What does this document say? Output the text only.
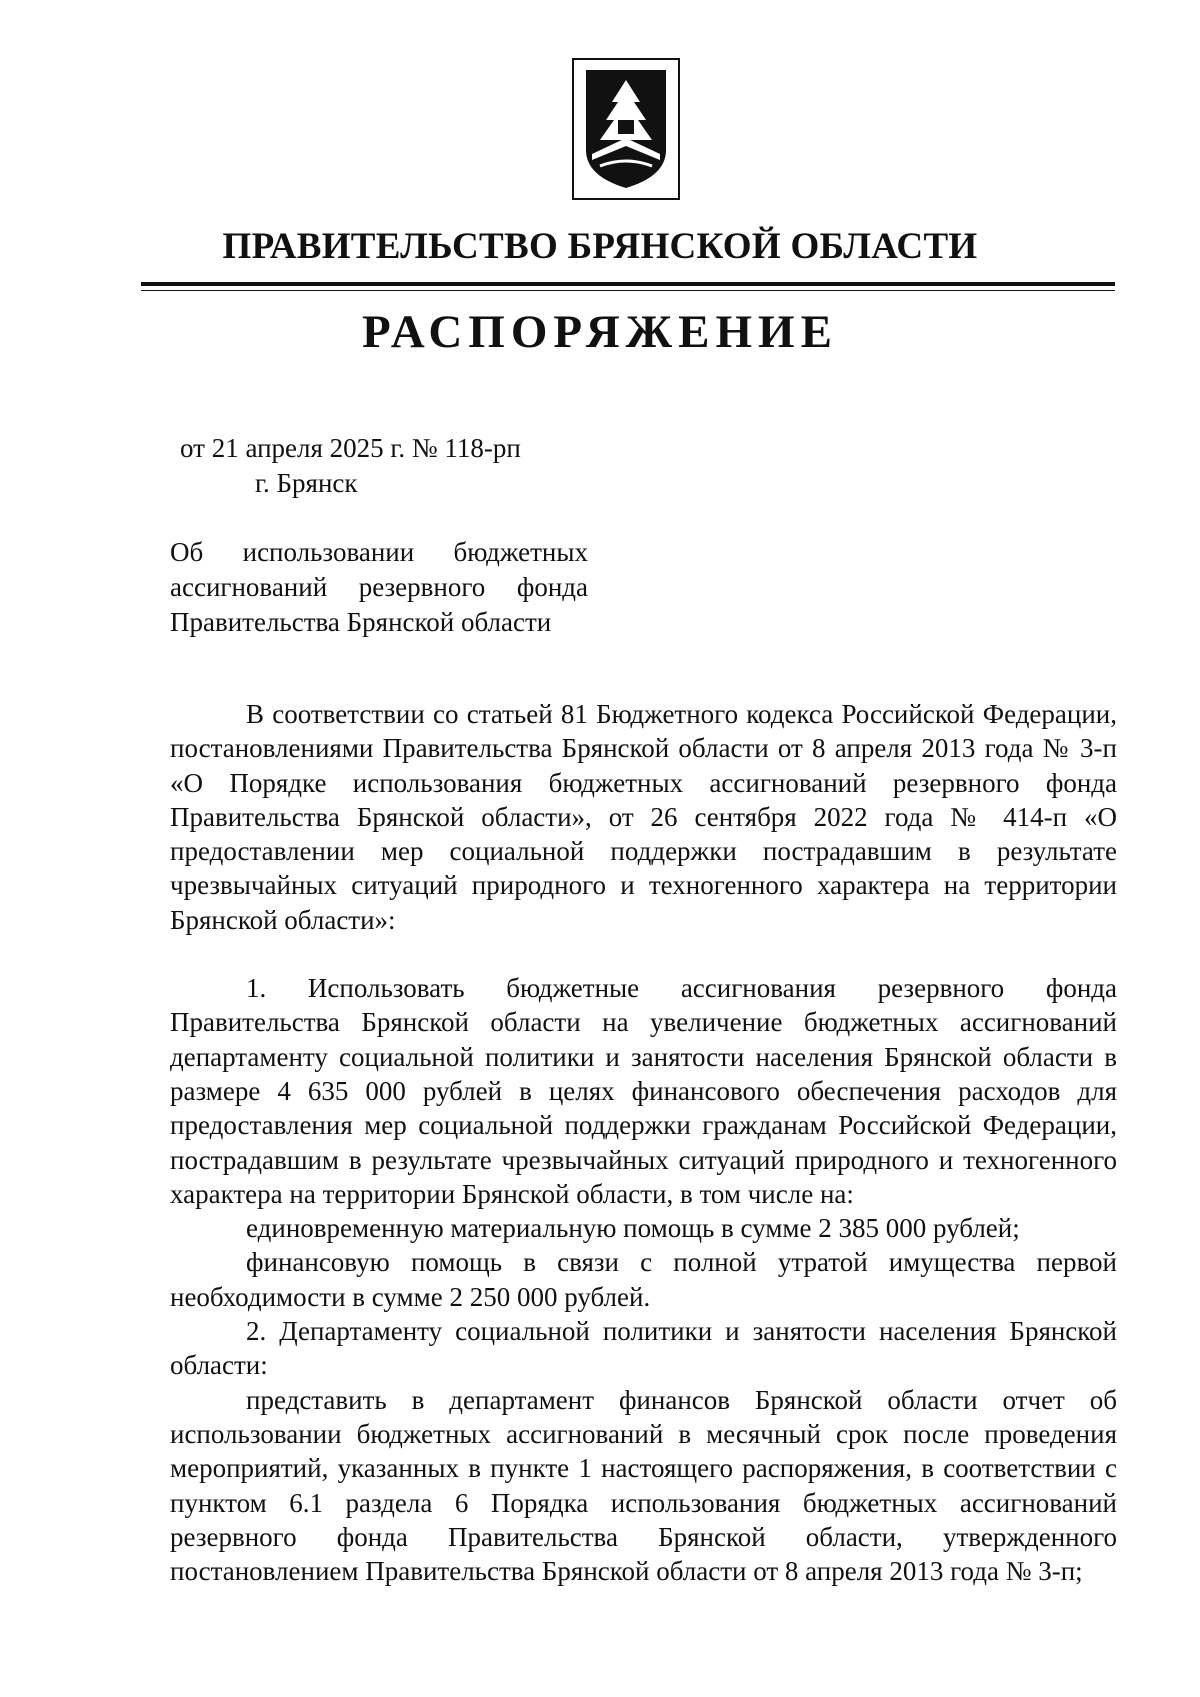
ПРАВИТЕЛЬСТВО БРЯНСКОЙ ОБЛАСТИ
РАСПОРЯЖЕНИЕ
от 21 апреля 2025 г. № 118-рп
г. Брянск
Об использовании бюджетных
ассигнований резервного фонда
Правительства Брянской области

В соответствии со статьей 81 Бюджетного кодекса Российской Федерации, постановлениями Правительства Брянской области от 8 апреля 2013 года № 3-п «О Порядке использования бюджетных ассигнований резервного фонда Правительства Брянской области», от 26 сентября 2022 года № 414-п «О предоставлении мер социальной поддержки пострадавшим в результате чрезвычайных ситуаций природного и техногенного характера на территории Брянской области»:

1. Использовать бюджетные ассигнования резервного фонда Правительства Брянской области на увеличение бюджетных ассигнований департаменту социальной политики и занятости населения Брянской области в размере 4 635 000 рублей в целях финансового обеспечения расходов для предоставления мер социальной поддержки гражданам Российской Федерации, пострадавшим в результате чрезвычайных ситуаций природного и техногенного характера на территории Брянской области, в том числе на:

единовременную материальную помощь в сумме 2 385 000 рублей;

финансовую помощь в связи с полной утратой имущества первой необходимости в сумме 2 250 000 рублей.

2. Департаменту социальной политики и занятости населения Брянской области:

представить в департамент финансов Брянской области отчет об использовании бюджетных ассигнований в месячный срок после проведения мероприятий, указанных в пункте 1 настоящего распоряжения, в соответствии с пунктом 6.1 раздела 6 Порядка использования бюджетных ассигнований резервного фонда Правительства Брянской области, утвержденного постановлением Правительства Брянской области от 8 апреля 2013 года № 3-п;
